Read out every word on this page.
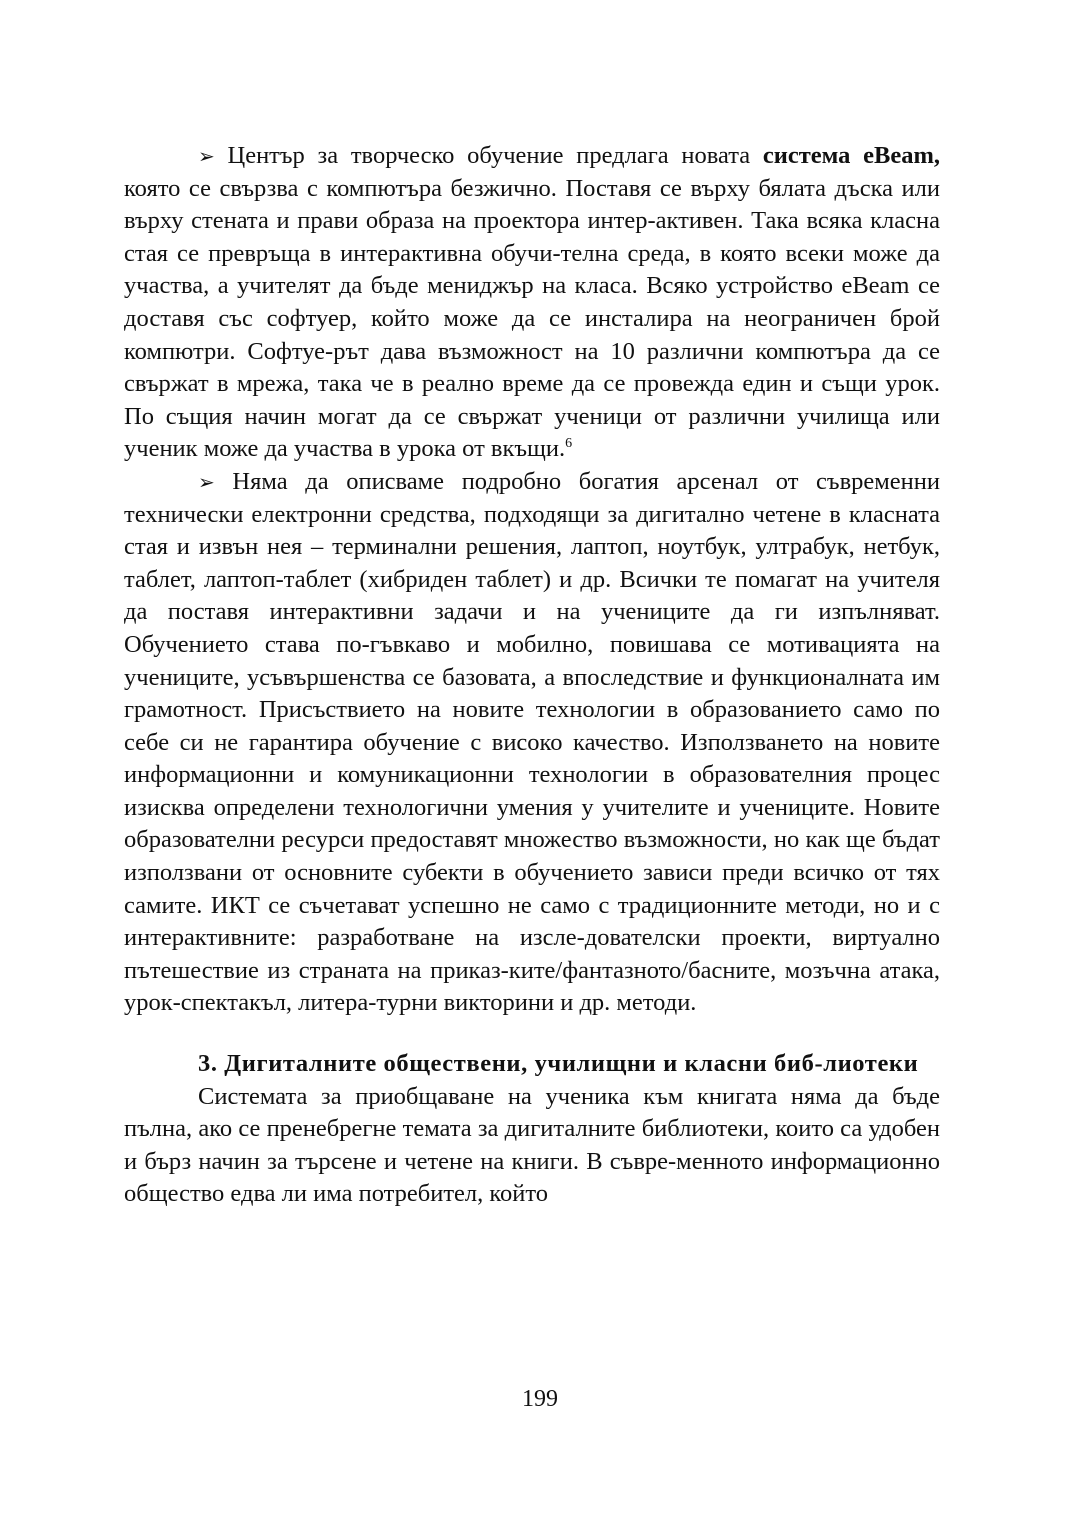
➢ Център за творческо обучение предлага новата система eBeam, която се свързва с компютъра безжично. Поставя се върху бялата дъска или върху стената и прави образа на проектора интер-активен. Така всяка класна стая се превръща в интерактивна обучи-телна среда, в която всеки може да участва, а учителят да бъде мениджър на класа. Всяко устройство eBeam се доставя със софтуер, който може да се инсталира на неограничен брой компютри. Софтуе-рът дава възможност на 10 различни компютъра да се свържат в мрежа, така че в реално време да се провежда един и същи урок. По същия начин могат да се свържат ученици от различни училища или ученик може да участва в урока от вкъщи.$^6$

➢ Няма да описваме подробно богатия арсенал от съвременни технически електронни средства, подходящи за дигитално четене в класната стая и извън нея – терминални решения, лаптоп, ноутбук, ултрабук, нетбук, таблет, лаптоп-таблет (хибриден таблет) и др. Всички те помагат на учителя да поставя интерактивни задачи и на учениците да ги изпълняват. Обучението става по-гъвкаво и мобилно, повишава се мотивацията на учениците, усъвършенства се базовата, а впоследствие и функционалната им грамотност. Присъствието на новите технологии в образованието само по себе си не гарантира обучение с високо качество. Използването на новите информационни и комуникационни технологии в образователния процес изисква определени технологични умения у учителите и учениците. Новите образователни ресурси предоставят множество възможности, но как ще бъдат използвани от основните субекти в обучението зависи преди всичко от тях самите. ИКТ се съчетават успешно не само с традиционните методи, но и с интерактивните: разработване на изсле-дователски проекти, виртуално пътешествие из страната на приказ-ките/фантазното/басните, мозъчна атака, урок-спектакъл, литера-турни викторини и др. методи.

3. Дигиталните обществени, училищни и класни биб-лиотеки

Системата за приобщаване на ученика към книгата няма да бъде пълна, ако се пренебрегне темата за дигиталните библиотеки, които са удобен и бърз начин за търсене и четене на книги. В съвре-менното информационно общество едва ли има потребител, който

199
